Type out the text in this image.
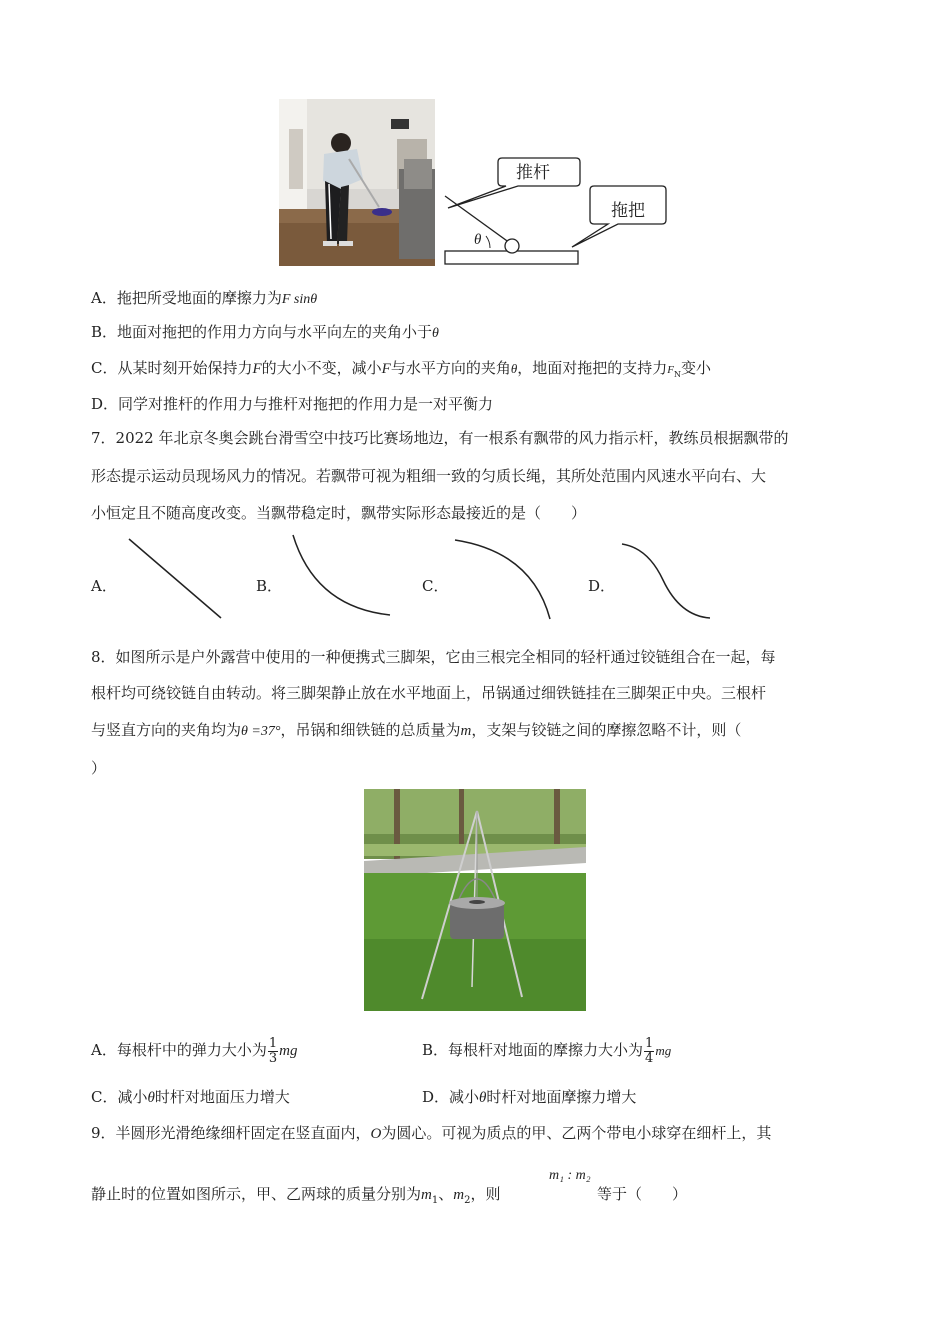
推杆
拖把
θ
A．拖把所受地面的摩擦力为F sinθ
B．地面对拖把的作用力方向与水平向左的夹角小于θ
C．从某时刻开始保持力F的大小不变，减小F与水平方向的夹角θ，地面对拖把的支持力$F_N$变小
D．同学对推杆的作用力与推杆对拖把的作用力是一对平衡力
7．2022 年北京冬奥会跳台滑雪空中技巧比赛场地边，有一根系有飘带的风力指示杆，教练员根据飘带的
形态提示运动员现场风力的情况。若飘带可视为粗细一致的匀质长绳，其所处范围内风速水平向右、大
小恒定且不随高度改变。当飘带稳定时，飘带实际形态最接近的是（　　）
A．	B．	C．	D．
8．如图所示是户外露营中使用的一种便携式三脚架，它由三根完全相同的轻杆通过铰链组合在一起，每
根杆均可绕铰链自由转动。将三脚架静止放在水平地面上，吊锅通过细铁链挂在三脚架正中央。三根杆
与竖直方向的夹角均为θ =37°，吊锅和细铁链的总质量为m，支架与铰链之间的摩擦忽略不计，则（
）
A．每根杆中的弹力大小为 $\frac{1}{3}$ mg	B．每根杆对地面的摩擦力大小为 $\frac{1}{4}$ mg
C．减小θ时杆对地面压力增大	D．减小θ时杆对地面摩擦力增大
9．半圆形光滑绝缘细杆固定在竖直面内，O为圆心。可视为质点的甲、乙两个带电小球穿在细杆上，其
静止时的位置如图所示，甲、乙两球的质量分别为$m_1$、$m_2$，则
m₁ : m₂
等于（　　）
